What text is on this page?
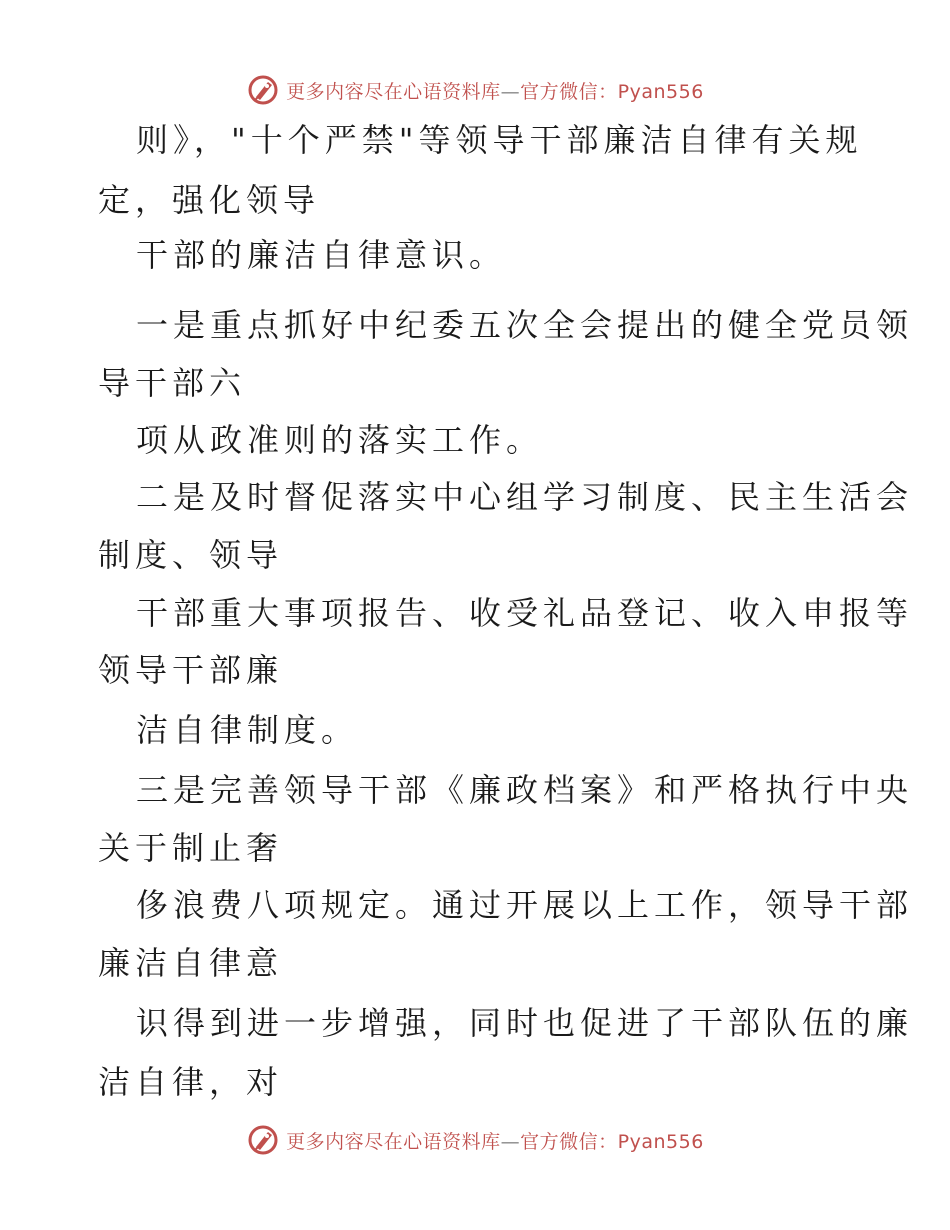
更多内容尽在心语资料库—官方微信：Pyan556
则》，"十个严禁"等领导干部廉洁自律有关规
定，强化领导
干部的廉洁自律意识。
一是重点抓好中纪委五次全会提出的健全党员领
导干部六
项从政准则的落实工作。
二是及时督促落实中心组学习制度、民主生活会
制度、领导
干部重大事项报告、收受礼品登记、收入申报等
领导干部廉
洁自律制度。
三是完善领导干部《廉政档案》和严格执行中央
关于制止奢
侈浪费八项规定。通过开展以上工作，领导干部
廉洁自律意
识得到进一步增强，同时也促进了干部队伍的廉
洁自律，对
更多内容尽在心语资料库—官方微信：Pyan556
